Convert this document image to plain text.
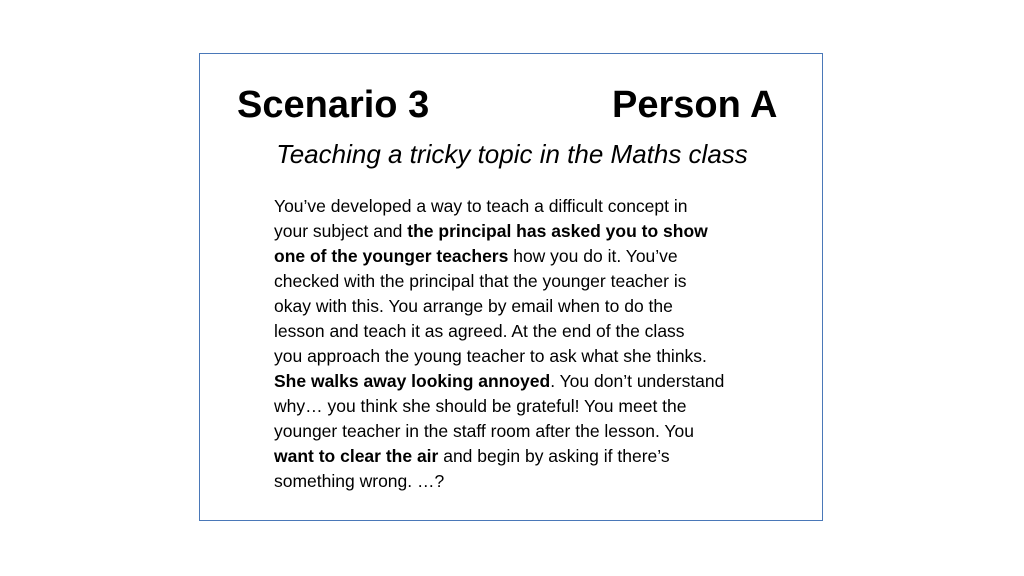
Scenario 3	Person A
Teaching a tricky topic in the Maths class
You’ve developed a way to teach a difficult concept in
your subject and the principal has asked you to show
one of the younger teachers how you do it. You’ve
checked with the principal that the younger teacher is
okay with this. You arrange by email when to do the
lesson and teach it as agreed. At the end of the class
you approach the young teacher to ask what she thinks.
She walks away looking annoyed. You don’t understand
why… you think she should be grateful! You meet the
younger teacher in the staff room after the lesson. You
want to clear the air and begin by asking if there’s
something wrong. …?
